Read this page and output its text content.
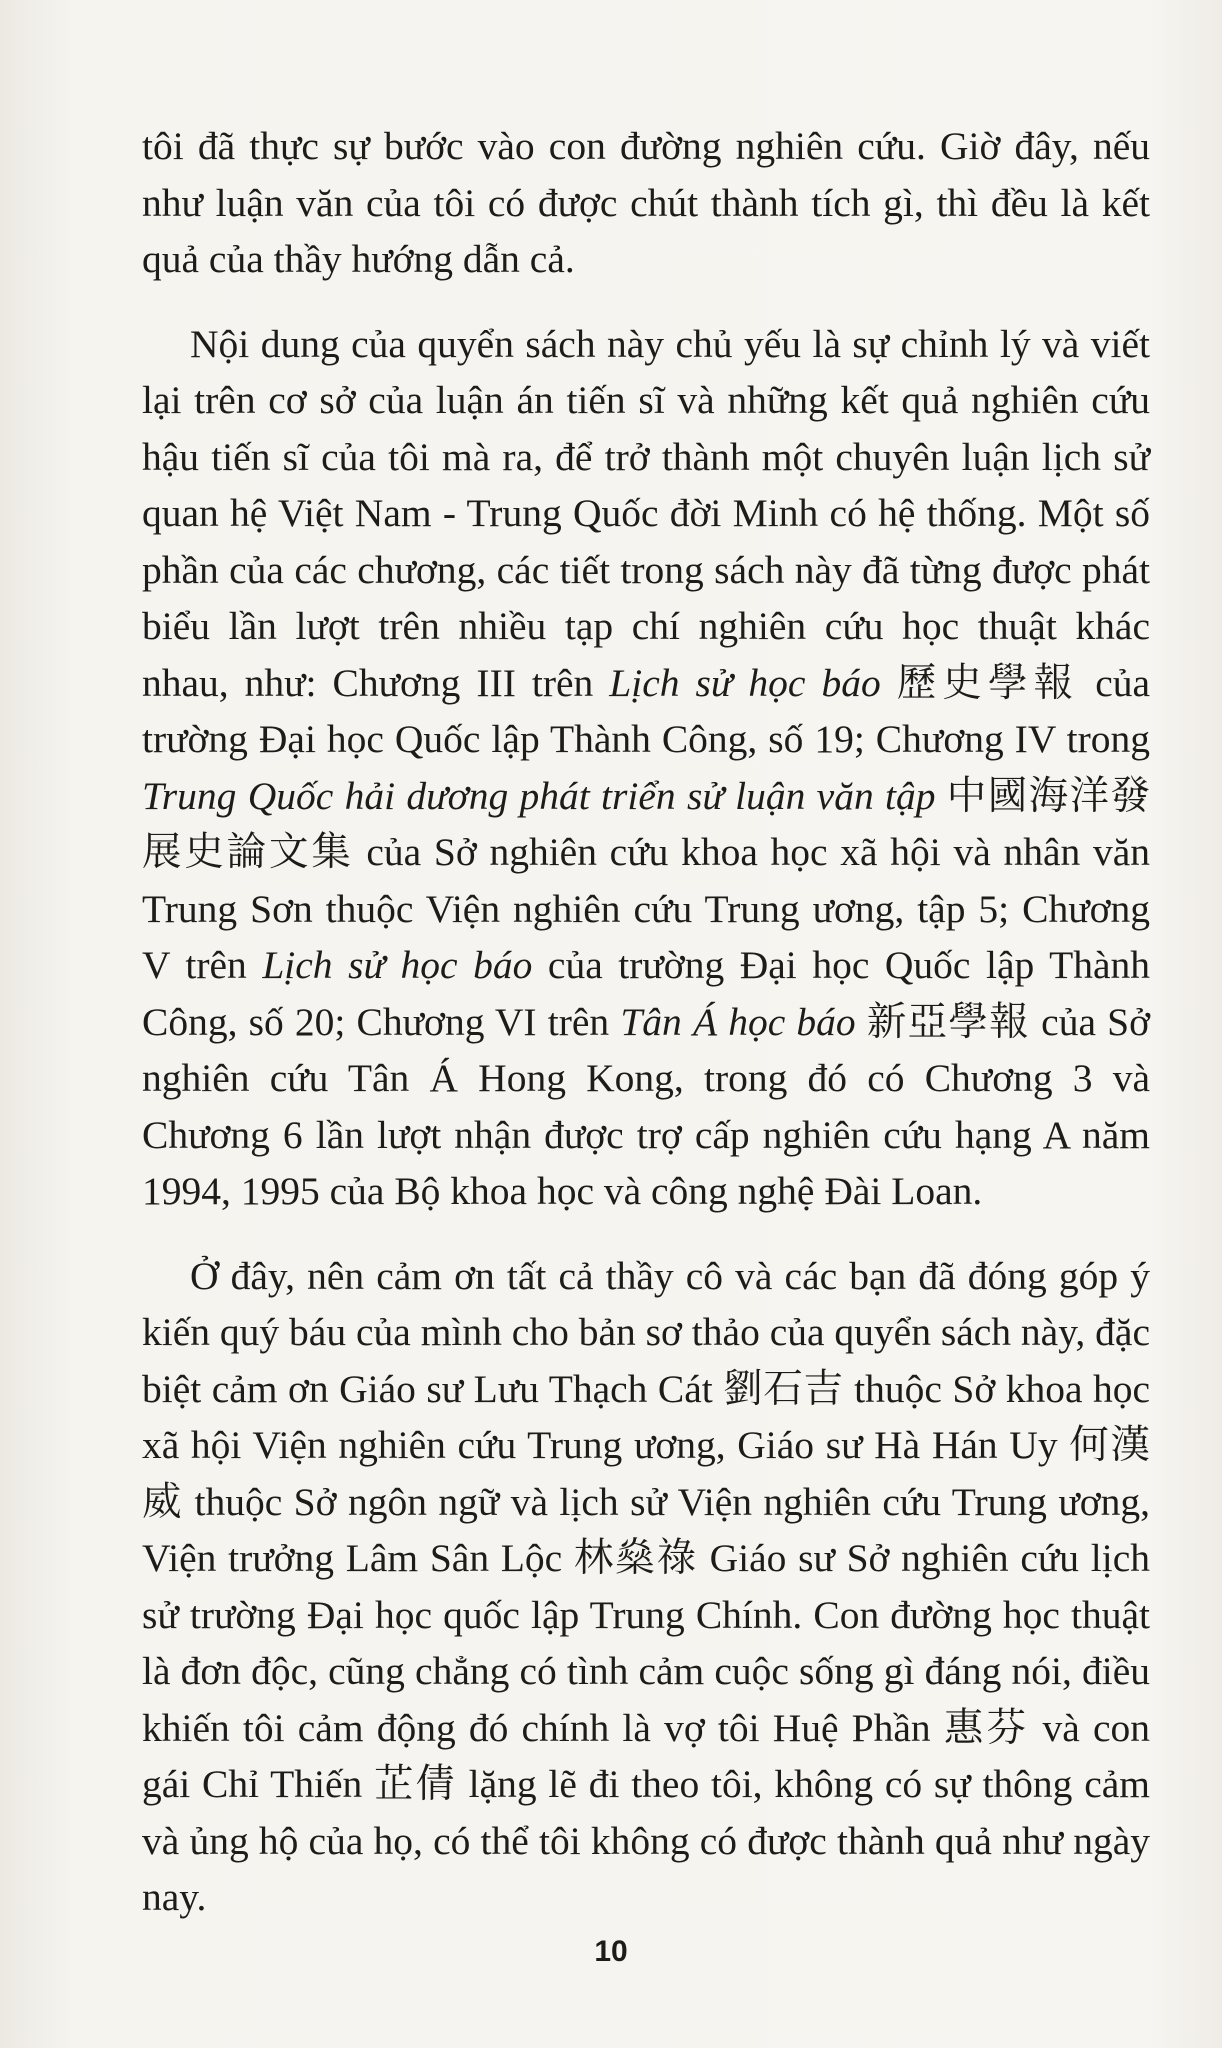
tôi đã thực sự bước vào con đường nghiên cứu. Giờ đây, nếu như luận văn của tôi có được chút thành tích gì, thì đều là kết quả của thầy hướng dẫn cả.

Nội dung của quyển sách này chủ yếu là sự chỉnh lý và viết lại trên cơ sở của luận án tiến sĩ và những kết quả nghiên cứu hậu tiến sĩ của tôi mà ra, để trở thành một chuyên luận lịch sử quan hệ Việt Nam - Trung Quốc đời Minh có hệ thống. Một số phần của các chương, các tiết trong sách này đã từng được phát biểu lần lượt trên nhiều tạp chí nghiên cứu học thuật khác nhau, như: Chương III trên Lịch sử học báo 歷史學報 của trường Đại học Quốc lập Thành Công, số 19; Chương IV trong Trung Quốc hải dương phát triển sử luận văn tập 中國海洋發展史論文集 của Sở nghiên cứu khoa học xã hội và nhân văn Trung Sơn thuộc Viện nghiên cứu Trung ương, tập 5; Chương V trên Lịch sử học báo của trường Đại học Quốc lập Thành Công, số 20; Chương VI trên Tân Á học báo 新亞學報 của Sở nghiên cứu Tân Á Hong Kong, trong đó có Chương 3 và Chương 6 lần lượt nhận được trợ cấp nghiên cứu hạng A năm 1994, 1995 của Bộ khoa học và công nghệ Đài Loan.

Ở đây, nên cảm ơn tất cả thầy cô và các bạn đã đóng góp ý kiến quý báu của mình cho bản sơ thảo của quyển sách này, đặc biệt cảm ơn Giáo sư Lưu Thạch Cát 劉石吉 thuộc Sở khoa học xã hội Viện nghiên cứu Trung ương, Giáo sư Hà Hán Uy 何漢威 thuộc Sở ngôn ngữ và lịch sử Viện nghiên cứu Trung ương, Viện trưởng Lâm Sân Lộc 林燊祿 Giáo sư Sở nghiên cứu lịch sử trường Đại học quốc lập Trung Chính. Con đường học thuật là đơn độc, cũng chẳng có tình cảm cuộc sống gì đáng nói, điều khiến tôi cảm động đó chính là vợ tôi Huệ Phần 惠芬 và con gái Chỉ Thiến 芷倩 lặng lẽ đi theo tôi, không có sự thông cảm và ủng hộ của họ, có thể tôi không có được thành quả như ngày nay.

10
